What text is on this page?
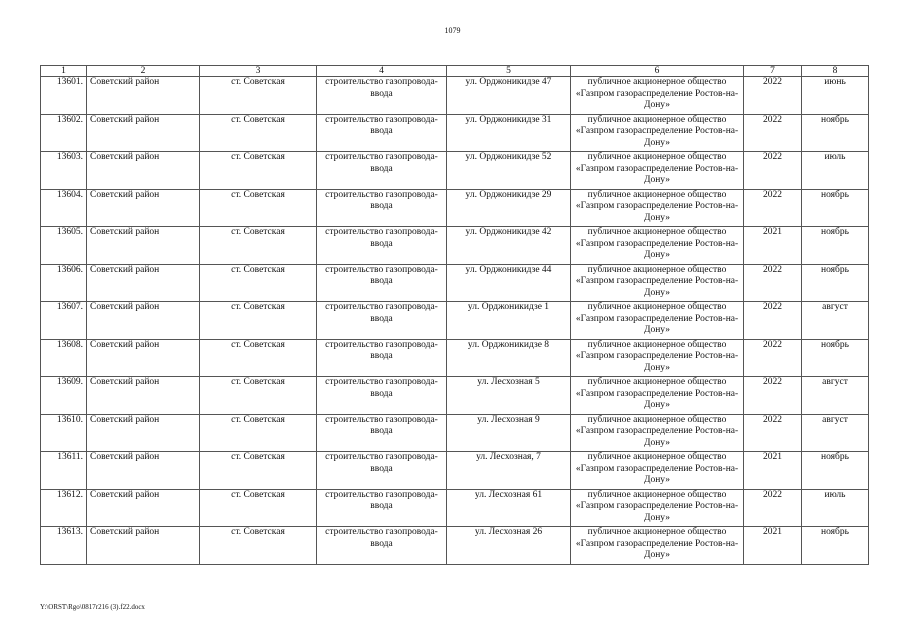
1079
1	2	3	4	5	6	7	8
13601.	Советский район	ст. Советская	строительство газопровода-ввода	ул. Орджоникидзе 47	публичное акционерное общество «Газпром газораспределение Ростов-на-Дону»	2022	июнь
13602.	Советский район	ст. Советская	строительство газопровода-ввода	ул. Орджоникидзе 31	публичное акционерное общество «Газпром газораспределение Ростов-на-Дону»	2022	ноябрь
13603.	Советский район	ст. Советская	строительство газопровода-ввода	ул. Орджоникидзе 52	публичное акционерное общество «Газпром газораспределение Ростов-на-Дону»	2022	июль
13604.	Советский район	ст. Советская	строительство газопровода-ввода	ул. Орджоникидзе 29	публичное акционерное общество «Газпром газораспределение Ростов-на-Дону»	2022	ноябрь
13605.	Советский район	ст. Советская	строительство газопровода-ввода	ул. Орджоникидзе 42	публичное акционерное общество «Газпром газораспределение Ростов-на-Дону»	2021	ноябрь
13606.	Советский район	ст. Советская	строительство газопровода-ввода	ул. Орджоникидзе 44	публичное акционерное общество «Газпром газораспределение Ростов-на-Дону»	2022	ноябрь
13607.	Советский район	ст. Советская	строительство газопровода-ввода	ул. Орджоникидзе 1	публичное акционерное общество «Газпром газораспределение Ростов-на-Дону»	2022	август
13608.	Советский район	ст. Советская	строительство газопровода-ввода	ул. Орджоникидзе 8	публичное акционерное общество «Газпром газораспределение Ростов-на-Дону»	2022	ноябрь
13609.	Советский район	ст. Советская	строительство газопровода-ввода	ул. Лесхозная 5	публичное акционерное общество «Газпром газораспределение Ростов-на-Дону»	2022	август
13610.	Советский район	ст. Советская	строительство газопровода-ввода	ул. Лесхозная 9	публичное акционерное общество «Газпром газораспределение Ростов-на-Дону»	2022	август
13611.	Советский район	ст. Советская	строительство газопровода-ввода	ул. Лесхозная, 7	публичное акционерное общество «Газпром газораспределение Ростов-на-Дону»	2021	ноябрь
13612.	Советский район	ст. Советская	строительство газопровода-ввода	ул. Лесхозная 61	публичное акционерное общество «Газпром газораспределение Ростов-на-Дону»	2022	июль
13613.	Советский район	ст. Советская	строительство газопровода-ввода	ул. Лесхозная 26	публичное акционерное общество «Газпром газораспределение Ростов-на-Дону»	2021	ноябрь
Y:\ORST\Rgo\0817r216 (3).f22.docx
